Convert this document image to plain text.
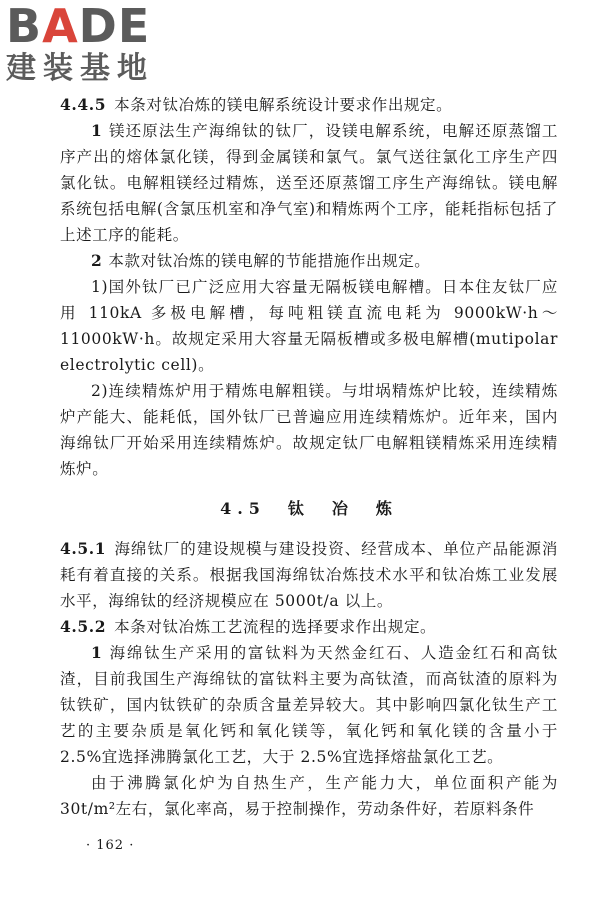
BADE
建装基地

4.4.5 本条对钛冶炼的镁电解系统设计要求作出规定。

1 镁还原法生产海绵钛的钛厂，设镁电解系统，电解还原蒸馏工序产出的熔体氯化镁，得到金属镁和氯气。氯气送往氯化工序生产四氯化钛。电解粗镁经过精炼，送至还原蒸馏工序生产海绵钛。镁电解系统包括电解(含氯压机室和净气室)和精炼两个工序，能耗指标包括了上述工序的能耗。

2 本款对钛冶炼的镁电解的节能措施作出规定。

1)国外钛厂已广泛应用大容量无隔板镁电解槽。日本住友钛厂应用 110kA 多极电解槽，每吨粗镁直流电耗为 9000kW·h～11000kW·h。故规定采用大容量无隔板槽或多极电解槽(mutipolar electrolytic cell)。

2)连续精炼炉用于精炼电解粗镁。与坩埚精炼炉比较，连续精炼炉产能大、能耗低，国外钛厂已普遍应用连续精炼炉。近年来，国内海绵钛厂开始采用连续精炼炉。故规定钛厂电解粗镁精炼采用连续精炼炉。

4.5　钛　冶　炼

4.5.1 海绵钛厂的建设规模与建设投资、经营成本、单位产品能源消耗有着直接的关系。根据我国海绵钛冶炼技术水平和钛冶炼工业发展水平，海绵钛的经济规模应在 5000t/a 以上。

4.5.2 本条对钛冶炼工艺流程的选择要求作出规定。

1 海绵钛生产采用的富钛料为天然金红石、人造金红石和高钛渣，目前我国生产海绵钛的富钛料主要为高钛渣，而高钛渣的原料为钛铁矿，国内钛铁矿的杂质含量差异较大。其中影响四氯化钛生产工艺的主要杂质是氧化钙和氧化镁等，氧化钙和氧化镁的含量小于 2.5%宜选择沸腾氯化工艺，大于 2.5%宜选择熔盐氯化工艺。

由于沸腾氯化炉为自热生产，生产能力大，单位面积产能为 30t/m²左右，氯化率高，易于控制操作，劳动条件好，若原料条件

· 162 ·
